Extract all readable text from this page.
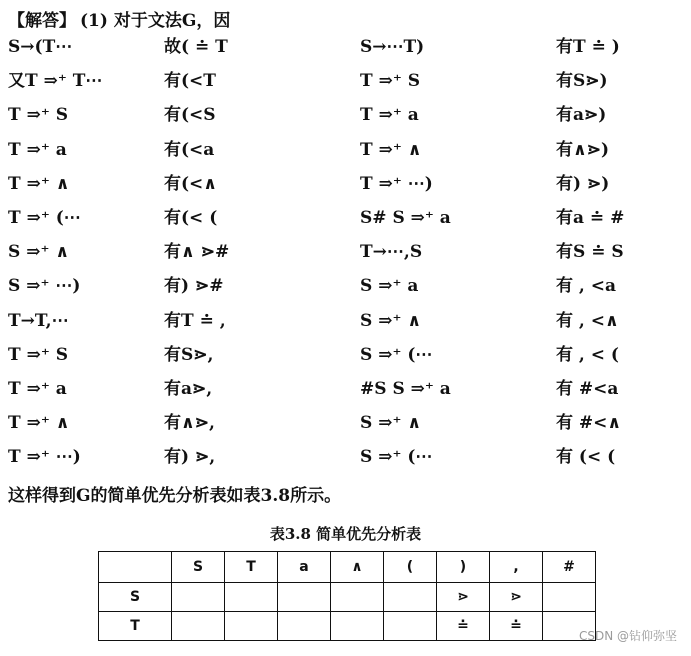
【解答】 (1) 对于文法G，因
S→(T⋯	故( ≐ T	S→⋯T)	有T ≐ )
又T ⇒⁺ T⋯	有(<T	T ⇒⁺ S	有S⋗)
T ⇒⁺ S	有(<S	T ⇒⁺ a	有a⋗)
T ⇒⁺ a	有(<a	T ⇒⁺ ∧	有∧⋗)
T ⇒⁺ ∧	有(<∧	T ⇒⁺ ⋯)	有) ⋗)
T ⇒⁺ (⋯	有(< (	S# S ⇒⁺ a	有a ≐ #
S ⇒⁺ ∧	有∧ ⋗#	T→⋯,S	有S ≐ S
S ⇒⁺ ⋯)	有) ⋗#	S ⇒⁺ a	有 , <a
T→T,⋯	有T ≐ ,	S ⇒⁺ ∧	有 , <∧
T ⇒⁺ S	有S⋗,	S ⇒⁺ (⋯	有 , < (
T ⇒⁺ a	有a⋗,	#S S ⇒⁺ a	有 #<a
T ⇒⁺ ∧	有∧⋗,	S ⇒⁺ ∧	有 #<∧
T ⇒⁺ ⋯)	有) ⋗,	S ⇒⁺ (⋯	有 (< (
这样得到G的简单优先分析表如表3.8所示。
表3.8 简单优先分析表
	S	T	a	∧	(	)	,	#
S						⋗	⋗	
T						≐	≐	
CSDN @钻仰弥坚
